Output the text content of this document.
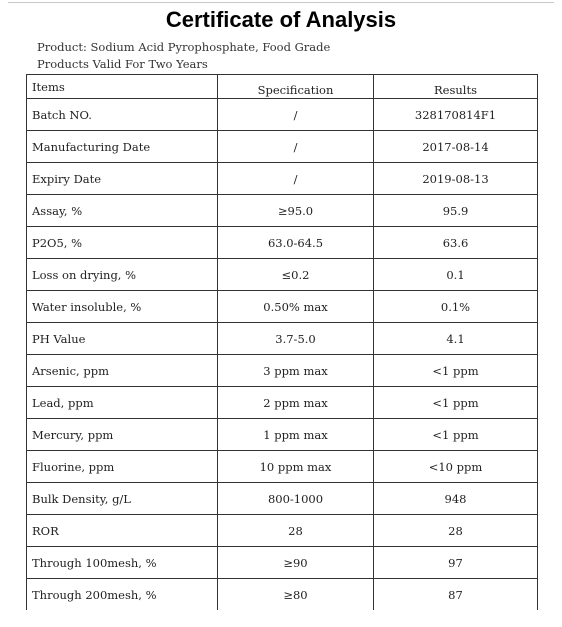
Certificate of Analysis
Product: Sodium Acid Pyrophosphate, Food Grade
Products Valid For Two Years
Items	Specification	Results
Batch NO.	/	328170814F1
Manufacturing Date	/	2017-08-14
Expiry Date	/	2019-08-13
Assay, %	≥95.0	95.9
P2O5, %	63.0-64.5	63.6
Loss on drying, %	≤0.2	0.1
Water insoluble, %	0.50% max	0.1%
PH Value	3.7-5.0	4.1
Arsenic, ppm	3 ppm max	<1 ppm
Lead, ppm	2 ppm max	<1 ppm
Mercury, ppm	1 ppm max	<1 ppm
Fluorine, ppm	10 ppm max	<10 ppm
Bulk Density, g/L	800-1000	948
ROR	28	28
Through 100mesh, %	≥90	97
Through 200mesh, %	≥80	87
